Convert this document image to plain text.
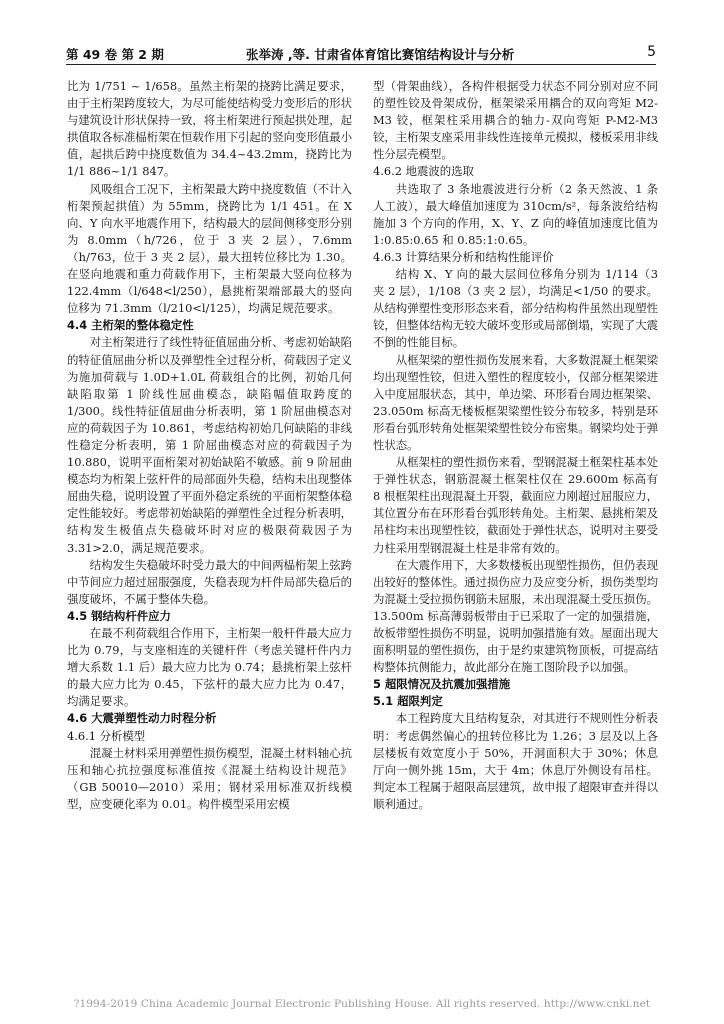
第 49 卷 第 2 期	张举涛 ,等. 甘肃省体育馆比赛馆结构设计与分析	5

比为 1/751 ~ 1/658。虽然主桁架的挠跨比满足要求，由于主桁架跨度较大，为尽可能使结构受力变形后的形状与建筑设计形状保持一致，将主桁架进行预起拱处理，起拱值取各标准榀桁架在恒载作用下引起的竖向变形值最小值，起拱后跨中挠度数值为 34.4~43.2mm，挠跨比为 1/1 886~1/1 847。

风吸组合工况下，主桁架最大跨中挠度数值（不计入桁架预起拱值）为 55mm，挠跨比为 1/1 451。在 X 向、Y 向水平地震作用下，结构最大的层间侧移变形分别为 8.0mm（h/726，位于 3 夹 2 层），7.6mm（h/763，位于 3 夹 2 层），最大扭转位移比为 1.30。在竖向地震和重力荷载作用下，主桁架最大竖向位移为 122.4mm（l/648<l/250），悬挑桁架端部最大的竖向位移为 71.3mm（l/210<l/125），均满足规范要求。

4.4 主桁架的整体稳定性

对主桁架进行了线性特征值屈曲分析、考虑初始缺陷的特征值屈曲分析以及弹塑性全过程分析，荷载因子定义为施加荷载与 1.0D+1.0L 荷载组合的比例，初始几何缺陷取第 1 阶线性屈曲模态，缺陷幅值取跨度的 1/300。线性特征值屈曲分析表明，第 1 阶屈曲模态对应的荷载因子为 10.861，考虑结构初始几何缺陷的非线性稳定分析表明，第 1 阶屈曲模态对应的荷载因子为 10.880，说明平面桁架对初始缺陷不敏感。前 9 阶屈曲模态均为桁架上弦杆件的局部面外失稳，结构未出现整体屈曲失稳，说明设置了平面外稳定系统的平面桁架整体稳定性能较好。考虑带初始缺陷的弹塑性全过程分析表明，结构发生极值点失稳破坏时对应的极限荷载因子为 3.31>2.0，满足规范要求。

结构发生失稳破坏时受力最大的中间两榀桁架上弦跨中节间应力超过屈服强度，失稳表现为杆件局部失稳后的强度破坏，不属于整体失稳。

4.5 钢结构杆件应力

在最不利荷载组合作用下，主桁架一般杆件最大应力比为 0.79，与支座相连的关键杆件（考虑关键杆件内力增大系数 1.1 后）最大应力比为 0.74；悬挑桁架上弦杆的最大应力比为 0.45，下弦杆的最大应力比为 0.47，均满足要求。

4.6 大震弹塑性动力时程分析
4.6.1 分析模型

混凝土材料采用弹塑性损伤模型，混凝土材料轴心抗压和轴心抗拉强度标准值按《混凝土结构设计规范》（GB 50010—2010）采用；钢材采用标准双折线模型，应变硬化率为 0.01。构件模型采用宏模

型（骨架曲线），各构件根据受力状态不同分别对应不同的塑性铰及骨架成份，框架梁采用耦合的双向弯矩 M2-M3 铰，框架柱采用耦合的轴力-双向弯矩 P-M2-M3 铰，主桁架支座采用非线性连接单元模拟，楼板采用非线性分层壳模型。

4.6.2 地震波的选取

共选取了 3 条地震波进行分析（2 条天然波、1 条人工波），最大峰值加速度为 310cm/s²，每条波给结构施加 3 个方向的作用，X、Y、Z 向的峰值加速度比值为 1:0.85:0.65 和 0.85:1:0.65。

4.6.3 计算结果分析和结构性能评价

结构 X、Y 向的最大层间位移角分别为 1/114（3 夹 2 层），1/108（3 夹 2 层），均满足<1/50 的要求。从结构弹塑性变形形态来看，部分结构构件虽然出现塑性铰，但整体结构无较大破坏变形或局部倒塌，实现了大震不倒的性能目标。

从框架梁的塑性损伤发展来看，大多数混凝土框架梁均出现塑性铰，但进入塑性的程度较小，仅部分框架梁进入中度屈服状态，其中，单边梁、环形看台周边框架梁、23.050m 标高无楼板框架梁塑性铰分布较多，特别是环形看台弧形转角处框架梁塑性铰分布密集。钢梁均处于弹性状态。

从框架柱的塑性损伤来看，型钢混凝土框架柱基本处于弹性状态，钢筋混凝土框架柱仅在 29.600m 标高有 8 根框架柱出现混凝土开裂，截面应力刚超过屈服应力，其位置分布在环形看台弧形转角处。主桁架、悬挑桁架及吊柱均未出现塑性铰，截面处于弹性状态，说明对主要受力柱采用型钢混凝土柱是非常有效的。

在大震作用下，大多数楼板出现塑性损伤，但仍表现出较好的整体性。通过损伤应力及应变分析，损伤类型均为混凝土受拉损伤钢筋未屈服，未出现混凝土受压损伤。13.500m 标高薄弱板带由于已采取了一定的加强措施，故板带塑性损伤不明显，说明加强措施有效。屋面出现大面积明显的塑性损伤，由于是约束建筑物顶板，可提高结构整体抗侧能力，故此部分在施工图阶段予以加强。

5 超限情况及抗震加强措施
5.1 超限判定

本工程跨度大且结构复杂，对其进行不规则性分析表明：考虑偶然偏心的扭转位移比为 1.26；3 层及以上各层楼板有效宽度小于 50%，开洞面积大于 30%；休息厅向一侧外挑 15m，大于 4m；休息厅外侧设有吊柱。判定本工程属于超限高层建筑，故申报了超限审查并得以顺利通过。

?1994-2019 China Academic Journal Electronic Publishing House. All rights reserved. http://www.cnki.net
